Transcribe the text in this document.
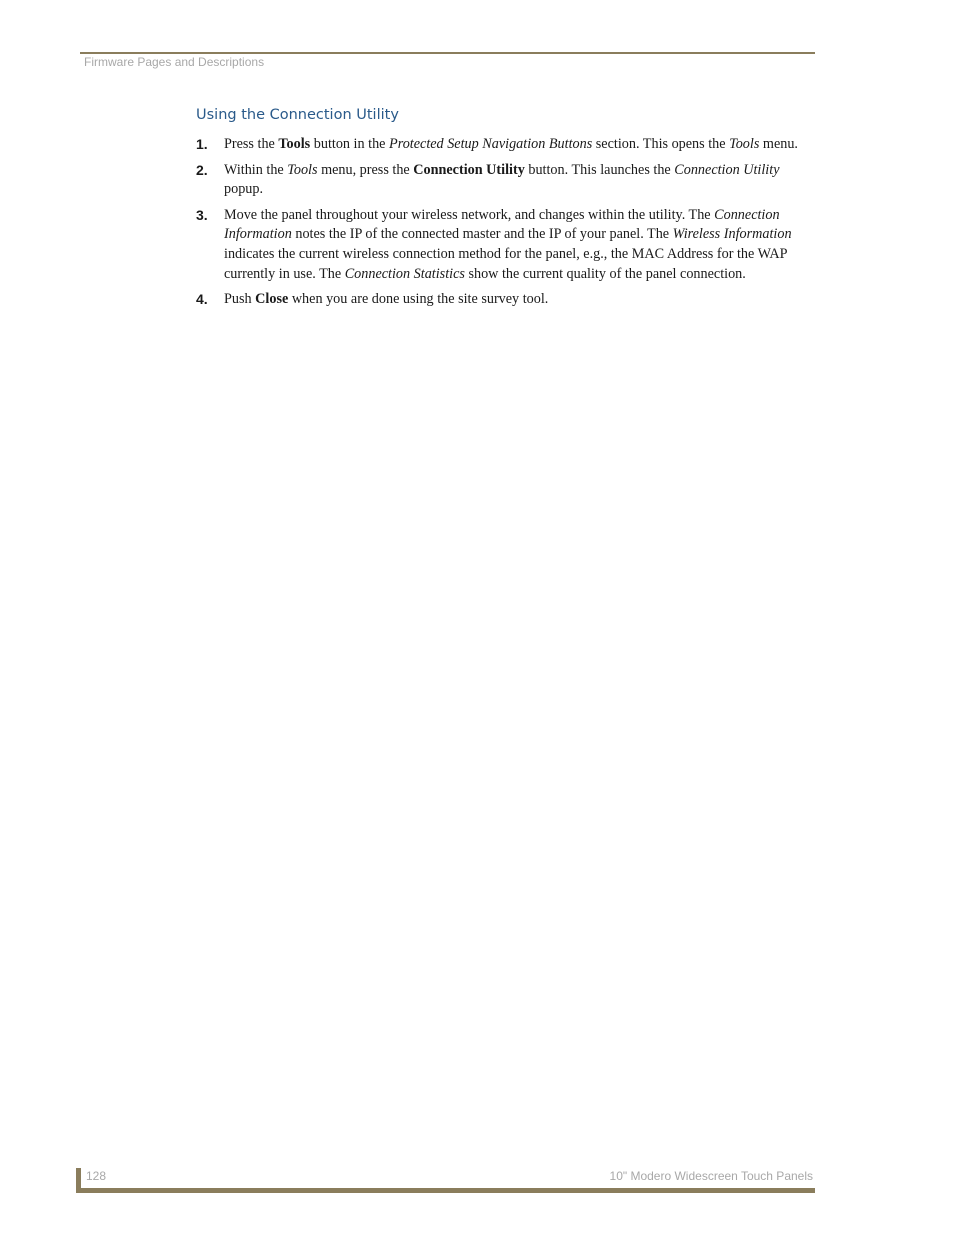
Firmware Pages and Descriptions
Using the Connection Utility
1. Press the Tools button in the Protected Setup Navigation Buttons section. This opens the Tools menu.
2. Within the Tools menu, press the Connection Utility button. This launches the Connection Utility popup.
3. Move the panel throughout your wireless network, and changes within the utility. The Connection Information notes the IP of the connected master and the IP of your panel. The Wireless Information indicates the current wireless connection method for the panel, e.g., the MAC Address for the WAP currently in use. The Connection Statistics show the current quality of the panel connection.
4. Push Close when you are done using the site survey tool.
128	10" Modero Widescreen Touch Panels
